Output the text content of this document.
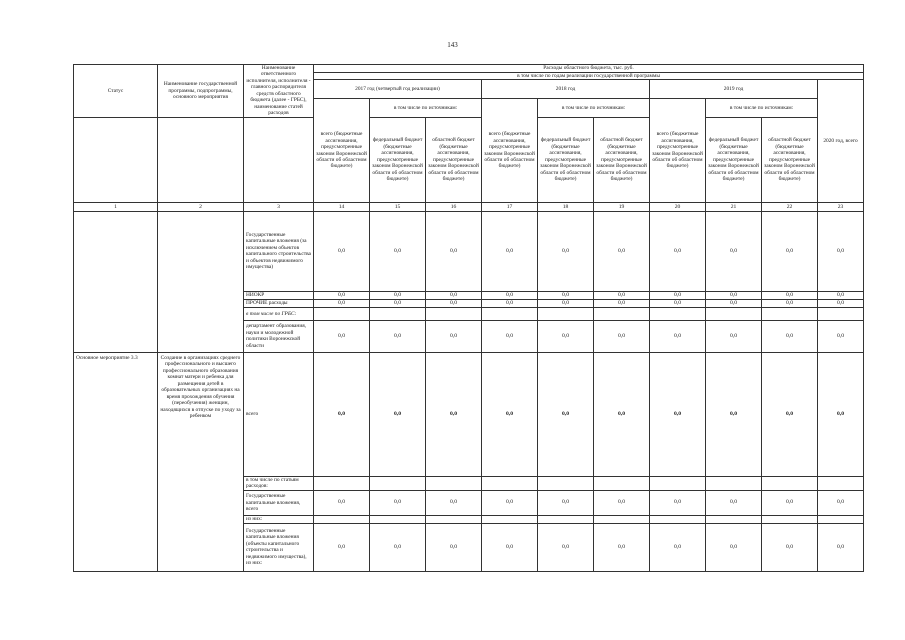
143
Статус	Наименование государственной программы, подпрограммы, основного мероприятия	Наименование ответственного исполнителя, исполнителя - главного распорядителя средств областного бюджета (далее - ГРБС), наименование статей расходов	Расходы областного бюджета, тыс. руб.									
			в том числе по годам реализации государственной программы									
			2017 год (четвертый год реализации)			2018 год			2019 год			2020 год, всего
			всего (бюджетные ассигнования, предусмотренные законом Воронежской области об областном бюджете)	в том числе по источникам:		всего (бюджетные ассигнования, предусмотренные законом Воронежской области об областном бюджете)	в том числе по источникам:		всего (бюджетные ассигнования, предусмотренные законом Воронежской области об областном бюджете)	в том числе по источникам:		
				федеральный бюджет (бюджетные ассигнования, предусмотренные законом Воронежской области об областном бюджете)	областной бюджет (бюджетные ассигнования, предусмотренные законом Воронежской области об областном бюджете)		федеральный бюджет (бюджетные ассигнования, предусмотренные законом Воронежской области об областном бюджете)	областной бюджет (бюджетные ассигнования, предусмотренные законом Воронежской области об областном бюджете)		федеральный бюджет (бюджетные ассигнования, предусмотренные законом Воронежской области об областном бюджете)	областной бюджет (бюджетные ассигнования, предусмотренные законом Воронежской области об областном бюджете)	
1	2	3	14	15	16	17	18	19	20	21	22	23
		Государственные капитальные вложения (за исключением объектов капитального строительства и объектов недвижимого имущества)	0,0	0,0	0,0	0,0	0,0	0,0	0,0	0,0	0,0	0,0
		НИОКР	0,0	0,0	0,0	0,0	0,0	0,0	0,0	0,0	0,0	0,0
		ПРОЧИЕ расходы	0,0	0,0	0,0	0,0	0,0	0,0	0,0	0,0	0,0	0,0
		в том числе по ГРБС:										
		департамент образования, науки и молодежной политики Воронежской области	0,0	0,0	0,0	0,0	0,0	0,0	0,0	0,0	0,0	0,0
Основное мероприятие 3.3	Создание в организациях среднего профессионального и высшего профессионального образования комнат матери и ребенка для размещения детей в образовательных организациях на время прохождения обучения (переобучения) женщин, находящихся в отпуске по уходу за ребенком	всего	0,0	0,0	0,0	0,0	0,0	0,0	0,0	0,0	0,0	0,0
		в том числе по статьям расходов:										
		Государственные капитальные вложения, всего	0,0	0,0	0,0	0,0	0,0	0,0	0,0	0,0	0,0	0,0
		из них:										
		Государственные капитальные вложения (объекты капитального строительства и недвижимого имущества), из них:	0,0	0,0	0,0	0,0	0,0	0,0	0,0	0,0	0,0	0,0
